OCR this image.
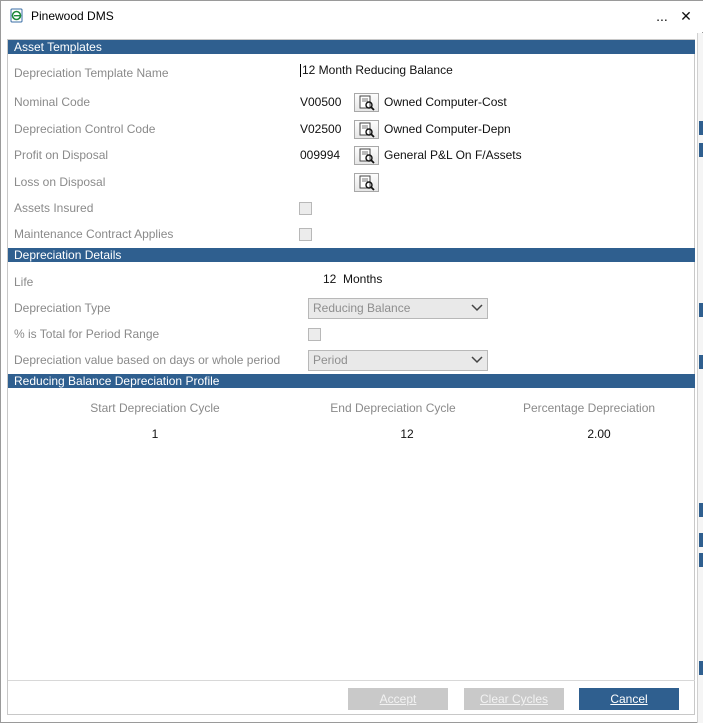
Pinewood DMS	... ✕
Asset Templates
Depreciation Template Name	12 Month Reducing Balance
Nominal Code	V00500	Owned Computer-Cost
Depreciation Control Code	V02500	Owned Computer-Depn
Profit on Disposal	009994	General P&L On F/Assets
Loss on Disposal
Assets Insured
Maintenance Contract Applies
Depreciation Details
Life	12 Months
Depreciation Type	Reducing Balance
% is Total for Period Range
Depreciation value based on days or whole period	Period
Reducing Balance Depreciation Profile
Start Depreciation Cycle	End Depreciation Cycle	Percentage Depreciation
1	12	2.00
Accept	Clear Cycles	Cancel
